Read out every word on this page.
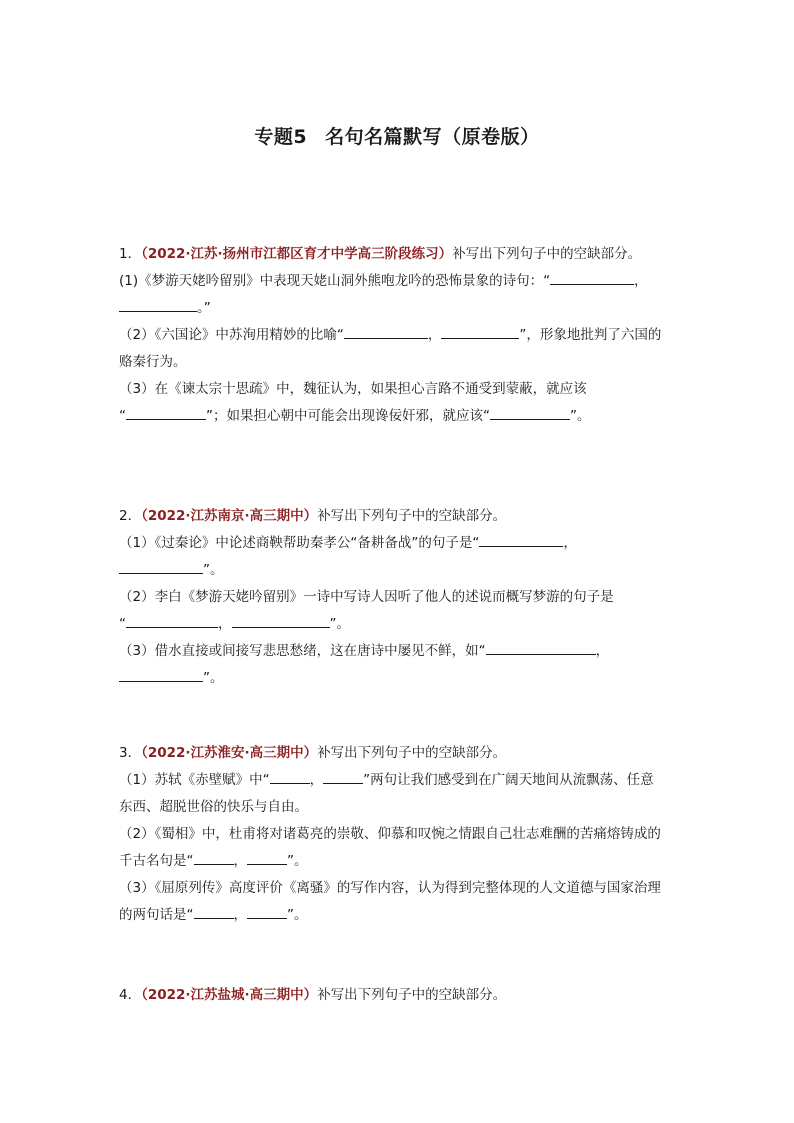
专题5 名句名篇默写（原卷版）
1．（2022·江苏·扬州市江都区育才中学高三阶段练习）补写出下列句子中的空缺部分。
(1)《梦游天姥吟留别》中表现天姥山洞外熊咆龙吟的恐怖景象的诗句：“	，
。”
（2）《六国论》中苏洵用精妙的比喻“	，	”，形象地批判了六国的
赂秦行为。
（3）在《谏太宗十思疏》中，魏征认为，如果担心言路不通受到蒙蔽，就应该
“	”；如果担心朝中可能会出现谗佞奸邪，就应该“	”。
2．（2022·江苏南京·高三期中）补写出下列句子中的空缺部分。
（1）《过秦论》中论述商鞅帮助秦孝公“备耕备战”的句子是“	，
”。
（2）李白《梦游天姥吟留别》一诗中写诗人因听了他人的述说而概写梦游的句子是
“	，	”。
（3）借水直接或间接写悲思愁绪，这在唐诗中屡见不鲜，如“	，
”。
3．（2022·江苏淮安·高三期中）补写出下列句子中的空缺部分。
（1）苏轼《赤壁赋》中“	，	”两句让我们感受到在广阔天地间从流飘荡、任意
东西、超脱世俗的快乐与自由。
（2）《蜀相》中，杜甫将对诸葛亮的崇敬、仰慕和叹惋之情跟自己壮志难酬的苦痛熔铸成的
千古名句是“	，	”。
（3）《屈原列传》高度评价《离骚》的写作内容，认为得到完整体现的人文道德与国家治理
的两句话是“	，	”。
4．（2022·江苏盐城·高三期中）补写出下列句子中的空缺部分。
